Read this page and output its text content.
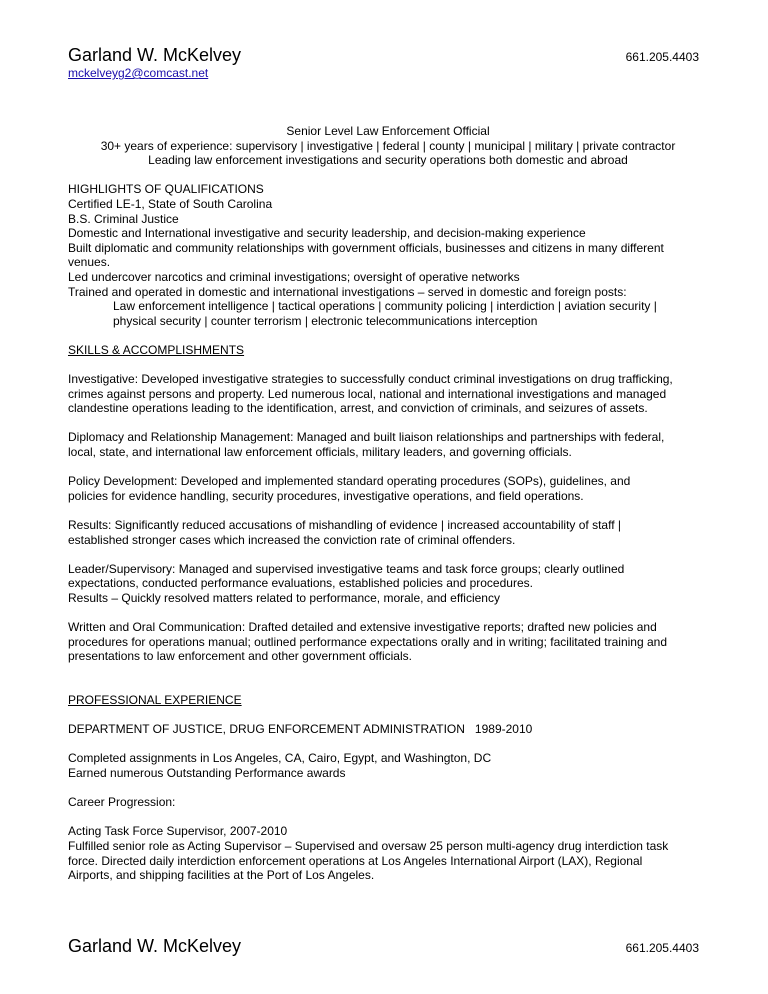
Garland W. McKelvey	661.205.4403
mckelveyg2@comcast.net
Senior Level Law Enforcement Official
30+ years of experience: supervisory | investigative | federal | county | municipal | military | private contractor
Leading law enforcement investigations and security operations both domestic and abroad
HIGHLIGHTS OF QUALIFICATIONS
Certified LE-1, State of South Carolina
B.S. Criminal Justice
Domestic and International investigative and security leadership, and decision-making experience
Built diplomatic and community relationships with government officials, businesses and citizens in many different
venues.
Led undercover narcotics and criminal investigations; oversight of operative networks
Trained and operated in domestic and international investigations – served in domestic and foreign posts:
Law enforcement intelligence | tactical operations | community policing | interdiction | aviation security |
physical security | counter terrorism | electronic telecommunications interception
SKILLS & ACCOMPLISHMENTS
Investigative: Developed investigative strategies to successfully conduct criminal investigations on drug trafficking,
crimes against persons and property. Led numerous local, national and international investigations and managed
clandestine operations leading to the identification, arrest, and conviction of criminals, and seizures of assets.
Diplomacy and Relationship Management: Managed and built liaison relationships and partnerships with federal,
local, state, and international law enforcement officials, military leaders, and governing officials.
Policy Development: Developed and implemented standard operating procedures (SOPs), guidelines, and
policies for evidence handling, security procedures, investigative operations, and field operations.
Results: Significantly reduced accusations of mishandling of evidence | increased accountability of staff |
established stronger cases which increased the conviction rate of criminal offenders.
Leader/Supervisory: Managed and supervised investigative teams and task force groups; clearly outlined
expectations, conducted performance evaluations, established policies and procedures.
Results – Quickly resolved matters related to performance, morale, and efficiency
Written and Oral Communication: Drafted detailed and extensive investigative reports; drafted new policies and
procedures for operations manual; outlined performance expectations orally and in writing; facilitated training and
presentations to law enforcement and other government officials.
PROFESSIONAL EXPERIENCE
DEPARTMENT OF JUSTICE, DRUG ENFORCEMENT ADMINISTRATION   1989-2010
Completed assignments in Los Angeles, CA, Cairo, Egypt, and Washington, DC
Earned numerous Outstanding Performance awards
Career Progression:
Acting Task Force Supervisor, 2007-2010
Fulfilled senior role as Acting Supervisor – Supervised and oversaw 25 person multi-agency drug interdiction task
force. Directed daily interdiction enforcement operations at Los Angeles International Airport (LAX), Regional
Airports, and shipping facilities at the Port of Los Angeles.
Garland W. McKelvey	661.205.4403
